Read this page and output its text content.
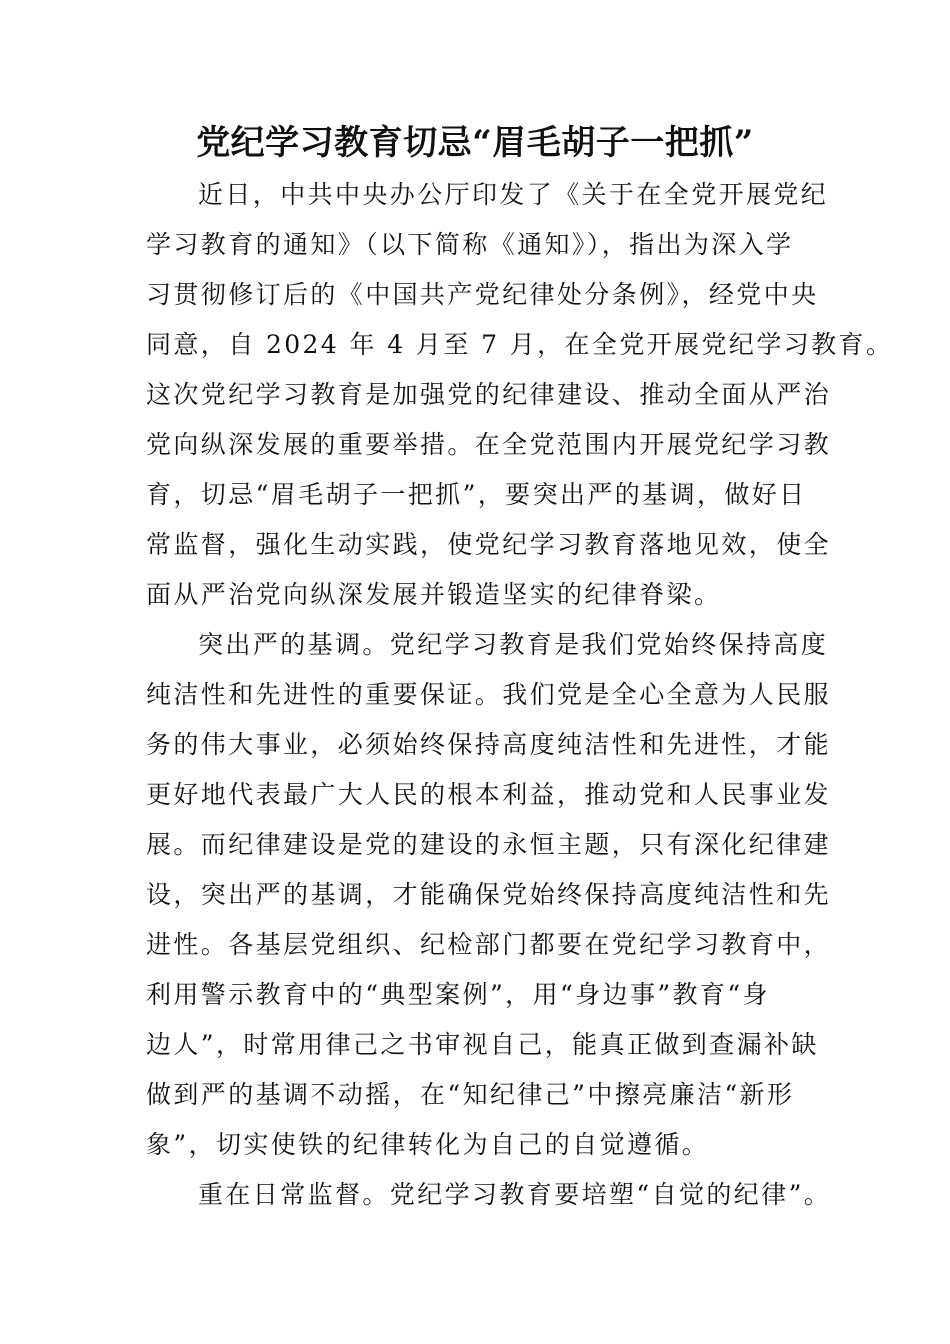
党纪学习教育切忌“眉毛胡子一把抓”
近日，中共中央办公厅印发了《关于在全党开展党纪
学习教育的通知》（以下简称《通知》），指出为深入学
习贯彻修订后的《中国共产党纪律处分条例》，经党中央
同意，自 2024 年 4 月至 7 月，在全党开展党纪学习教育。
这次党纪学习教育是加强党的纪律建设、推动全面从严治
党向纵深发展的重要举措。在全党范围内开展党纪学习教
育，切忌“眉毛胡子一把抓”，要突出严的基调，做好日
常监督，强化生动实践，使党纪学习教育落地见效，使全
面从严治党向纵深发展并锻造坚实的纪律脊梁。
突出严的基调。党纪学习教育是我们党始终保持高度
纯洁性和先进性的重要保证。我们党是全心全意为人民服
务的伟大事业，必须始终保持高度纯洁性和先进性，才能
更好地代表最广大人民的根本利益，推动党和人民事业发
展。而纪律建设是党的建设的永恒主题，只有深化纪律建
设，突出严的基调，才能确保党始终保持高度纯洁性和先
进性。各基层党组织、纪检部门都要在党纪学习教育中，
利用警示教育中的“典型案例”，用“身边事”教育“身
边人”，时常用律己之书审视自己，能真正做到查漏补缺
做到严的基调不动摇，在“知纪律己”中擦亮廉洁“新形
象”，切实使铁的纪律转化为自己的自觉遵循。
重在日常监督。党纪学习教育要培塑“自觉的纪律”。
